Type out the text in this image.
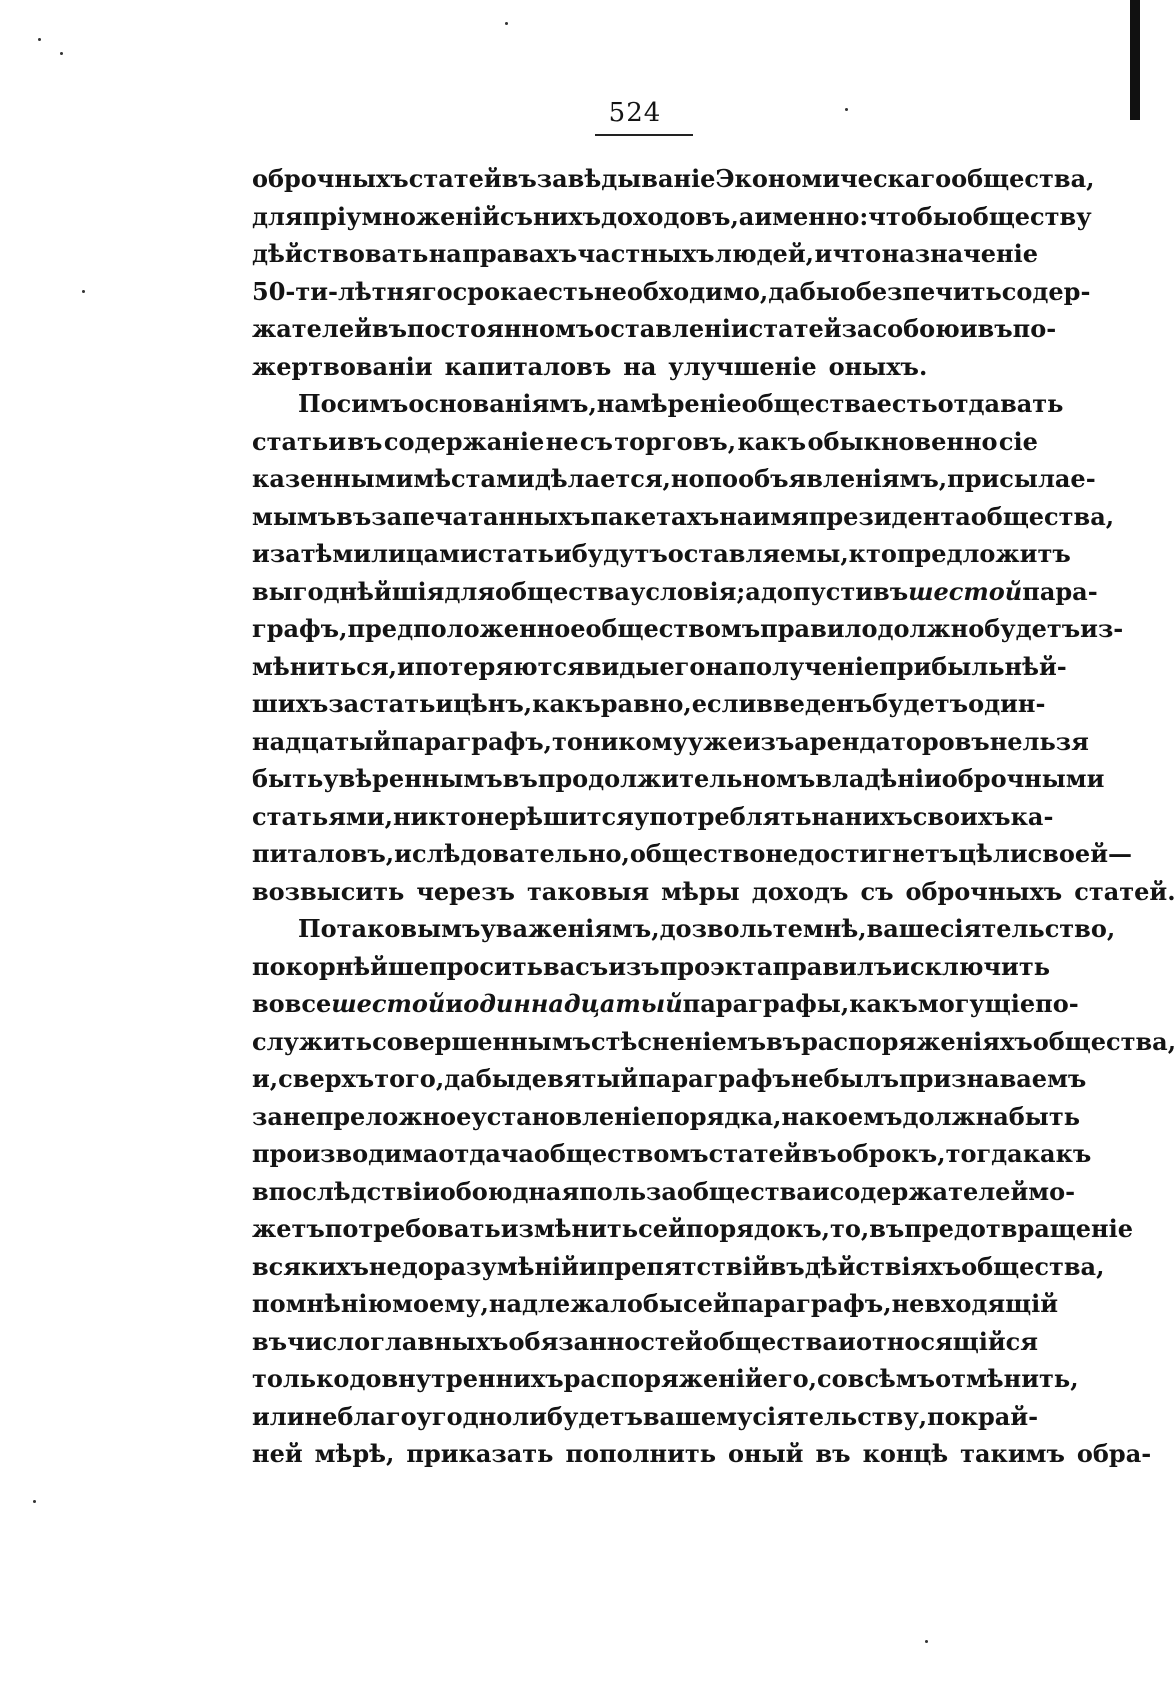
524
оброчныхъ статей въ завѣдываніе Экономическаго общества,
для пріумноженій съ нихъ доходовъ, а именно: чтобы обществу
дѣйствовать на правахъ частныхъ людей, и что назначеніе
50-ти-лѣтняго срока есть необходимо, дабы обезпечить содер-
жателей въ постоянномъ оставленіи статей за собою и въ по-
жертвованіи капиталовъ на улучшеніе оныхъ.
По симъ основаніямъ, намѣреніе общества есть отдавать
статьи въ содержаніе не съ торговъ, какъ обыкновенно сіе
казенными мѣстами дѣлается, но по объявленіямъ, присылае-
мымъ въ запечатанныхъ пакетахъ на имя президента общества,
и за тѣми лицами статьи будутъ оставляемы, кто предложитъ
выгоднѣйшія для общества условія; а допустивъ шестой пара-
графъ, предположенное обществомъ правило должно будетъ из-
мѣниться, и потеряются виды его на полученіе прибыльнѣй-
шихъ за статьи цѣнъ, какъ равно, если введенъ будетъ один-
надцатый параграфъ, то никому уже изъ арендаторовъ нельзя
быть увѣреннымъ въ продолжительномъ владѣніи оброчными
статьями, никто не рѣшится употреблять на нихъ своихъ ка-
питаловъ, и слѣдовательно, общество не достигнетъ цѣли своей—
возвысить черезъ таковыя мѣры доходъ съ оброчныхъ статей.
По таковымъ уваженіямъ, дозвольте мнѣ, ваше сіятельство,
покорнѣйше просить васъ изъ проэкта правилъ исключить
вовсе шестой и одиннадцатый параграфы, какъ могущіе по-
служить совершеннымъ стѣсненіемъ въ распоряженіяхъ общества,
и, сверхъ того, дабы девятый параграфъ не былъ признаваемъ
за непреложное установленіе порядка, на коемъ должна быть
производима отдача обществомъ статей въ оброкъ, тогда какъ
впослѣдствіи обоюдная польза общества и содержателей мо-
жетъ потребовать измѣнить сей порядокъ, то, въ предотвращеніе
всякихъ недоразумѣній и препятствій въ дѣйствіяхъ общества,
по мнѣнію моему, надлежало бы сей параграфъ, не входящій
въ число главныхъ обязанностей общества и относящійся
только до внутреннихъ распоряженій его, совсѣмъ отмѣнить,
или не благоугодно ли будетъ вашему сіятельству, по край-
ней мѣрѣ, приказать пополнить оный въ концѣ такимъ обра-
